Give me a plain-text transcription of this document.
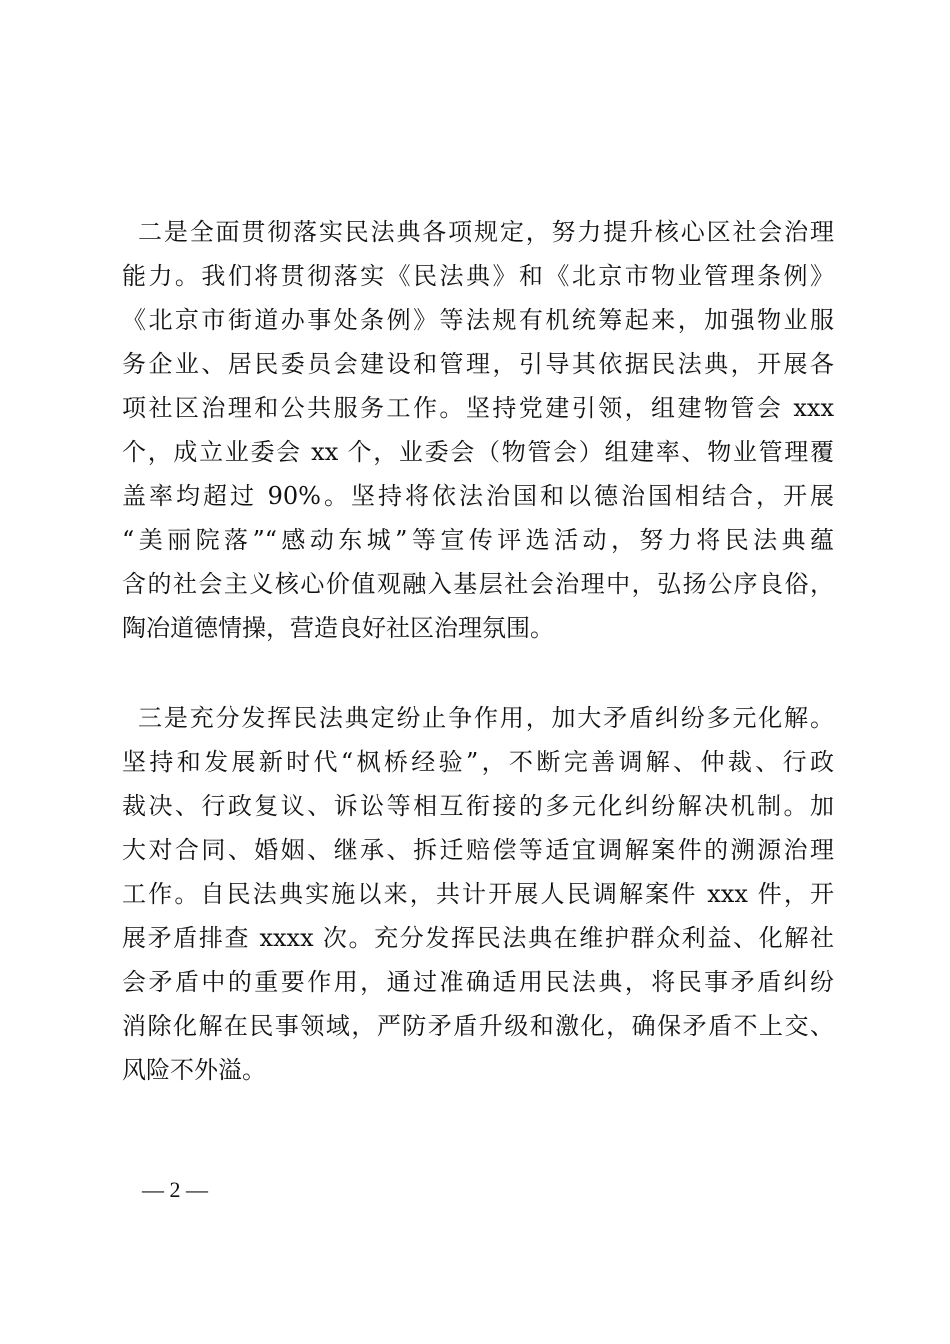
二是全面贯彻落实民法典各项规定，努力提升核心区社会治理
能力。我们将贯彻落实《民法典》和《北京市物业管理条例》
《北京市街道办事处条例》等法规有机统筹起来，加强物业服
务企业、居民委员会建设和管理，引导其依据民法典，开展各
项社区治理和公共服务工作。坚持党建引领，组建物管会 xxx
个，成立业委会 xx 个，业委会（物管会）组建率、物业管理覆
盖率均超过 90%。坚持将依法治国和以德治国相结合，开展
“美丽院落”“感动东城”等宣传评选活动，努力将民法典蕴
含的社会主义核心价值观融入基层社会治理中，弘扬公序良俗，
陶冶道德情操，营造良好社区治理氛围。
三是充分发挥民法典定纷止争作用，加大矛盾纠纷多元化解。
坚持和发展新时代“枫桥经验”，不断完善调解、仲裁、行政
裁决、行政复议、诉讼等相互衔接的多元化纠纷解决机制。加
大对合同、婚姻、继承、拆迁赔偿等适宜调解案件的溯源治理
工作。自民法典实施以来，共计开展人民调解案件 xxx 件，开
展矛盾排查 xxxx 次。充分发挥民法典在维护群众利益、化解社
会矛盾中的重要作用，通过准确适用民法典，将民事矛盾纠纷
消除化解在民事领域，严防矛盾升级和激化，确保矛盾不上交、
风险不外溢。
— 2 —
